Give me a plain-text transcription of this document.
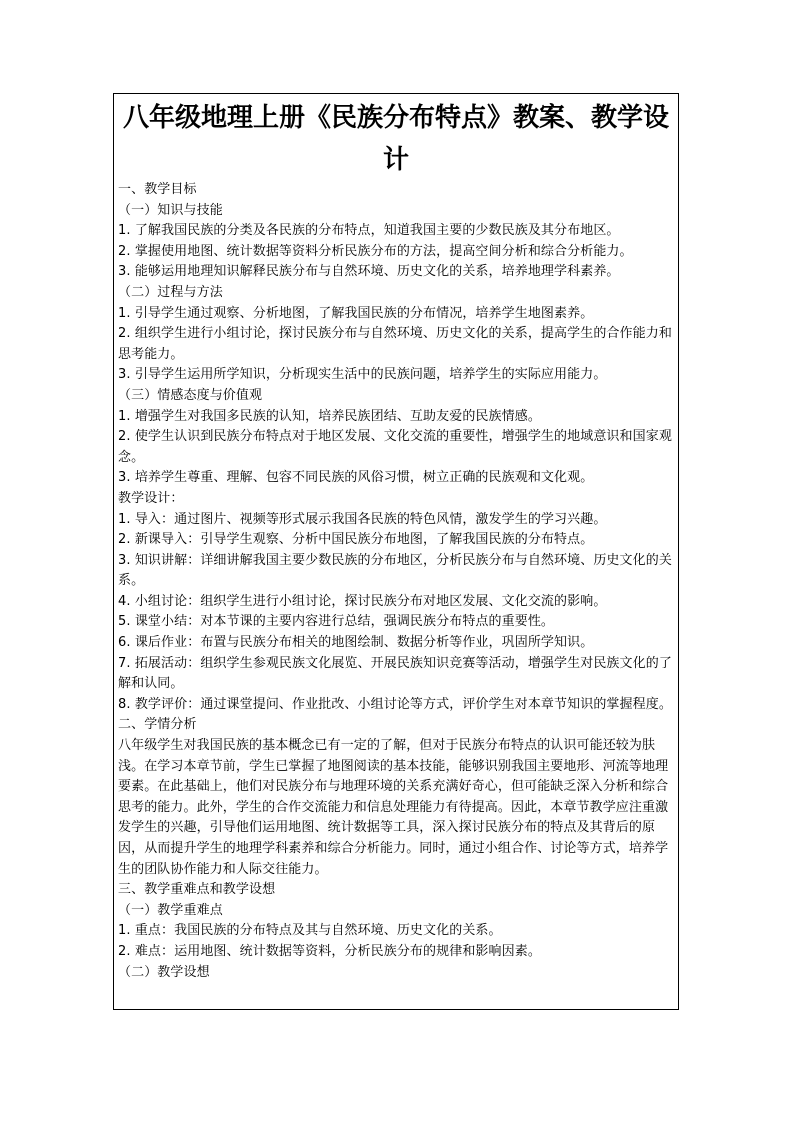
八年级地理上册《民族分布特点》教案、教学设计

一、教学目标

（一）知识与技能

1. 了解我国民族的分类及各民族的分布特点，知道我国主要的少数民族及其分布地区。

2. 掌握使用地图、统计数据等资料分析民族分布的方法，提高空间分析和综合分析能力。

3. 能够运用地理知识解释民族分布与自然环境、历史文化的关系，培养地理学科素养。

（二）过程与方法

1. 引导学生通过观察、分析地图，了解我国民族的分布情况，培养学生地图素养。

2. 组织学生进行小组讨论，探讨民族分布与自然环境、历史文化的关系，提高学生的合作能力和思考能力。

3. 引导学生运用所学知识，分析现实生活中的民族问题，培养学生的实际应用能力。

（三）情感态度与价值观

1. 增强学生对我国多民族的认知，培养民族团结、互助友爱的民族情感。

2. 使学生认识到民族分布特点对于地区发展、文化交流的重要性，增强学生的地域意识和国家观念。

3. 培养学生尊重、理解、包容不同民族的风俗习惯，树立正确的民族观和文化观。

教学设计：

1. 导入：通过图片、视频等形式展示我国各民族的特色风情，激发学生的学习兴趣。

2. 新课导入：引导学生观察、分析中国民族分布地图，了解我国民族的分布特点。

3. 知识讲解：详细讲解我国主要少数民族的分布地区，分析民族分布与自然环境、历史文化的关系。

4. 小组讨论：组织学生进行小组讨论，探讨民族分布对地区发展、文化交流的影响。

5. 课堂小结：对本节课的主要内容进行总结，强调民族分布特点的重要性。

6. 课后作业：布置与民族分布相关的地图绘制、数据分析等作业，巩固所学知识。

7. 拓展活动：组织学生参观民族文化展览、开展民族知识竞赛等活动，增强学生对民族文化的了解和认同。

8. 教学评价：通过课堂提问、作业批改、小组讨论等方式，评价学生对本章节知识的掌握程度。

二、学情分析

八年级学生对我国民族的基本概念已有一定的了解，但对于民族分布特点的认识可能还较为肤浅。在学习本章节前，学生已掌握了地图阅读的基本技能，能够识别我国主要地形、河流等地理要素。在此基础上，他们对民族分布与地理环境的关系充满好奇心，但可能缺乏深入分析和综合思考的能力。此外，学生的合作交流能力和信息处理能力有待提高。因此，本章节教学应注重激发学生的兴趣，引导他们运用地图、统计数据等工具，深入探讨民族分布的特点及其背后的原因，从而提升学生的地理学科素养和综合分析能力。同时，通过小组合作、讨论等方式，培养学生的团队协作能力和人际交往能力。

三、教学重难点和教学设想

（一）教学重难点

1. 重点：我国民族的分布特点及其与自然环境、历史文化的关系。

2. 难点：运用地图、统计数据等资料，分析民族分布的规律和影响因素。

（二）教学设想
